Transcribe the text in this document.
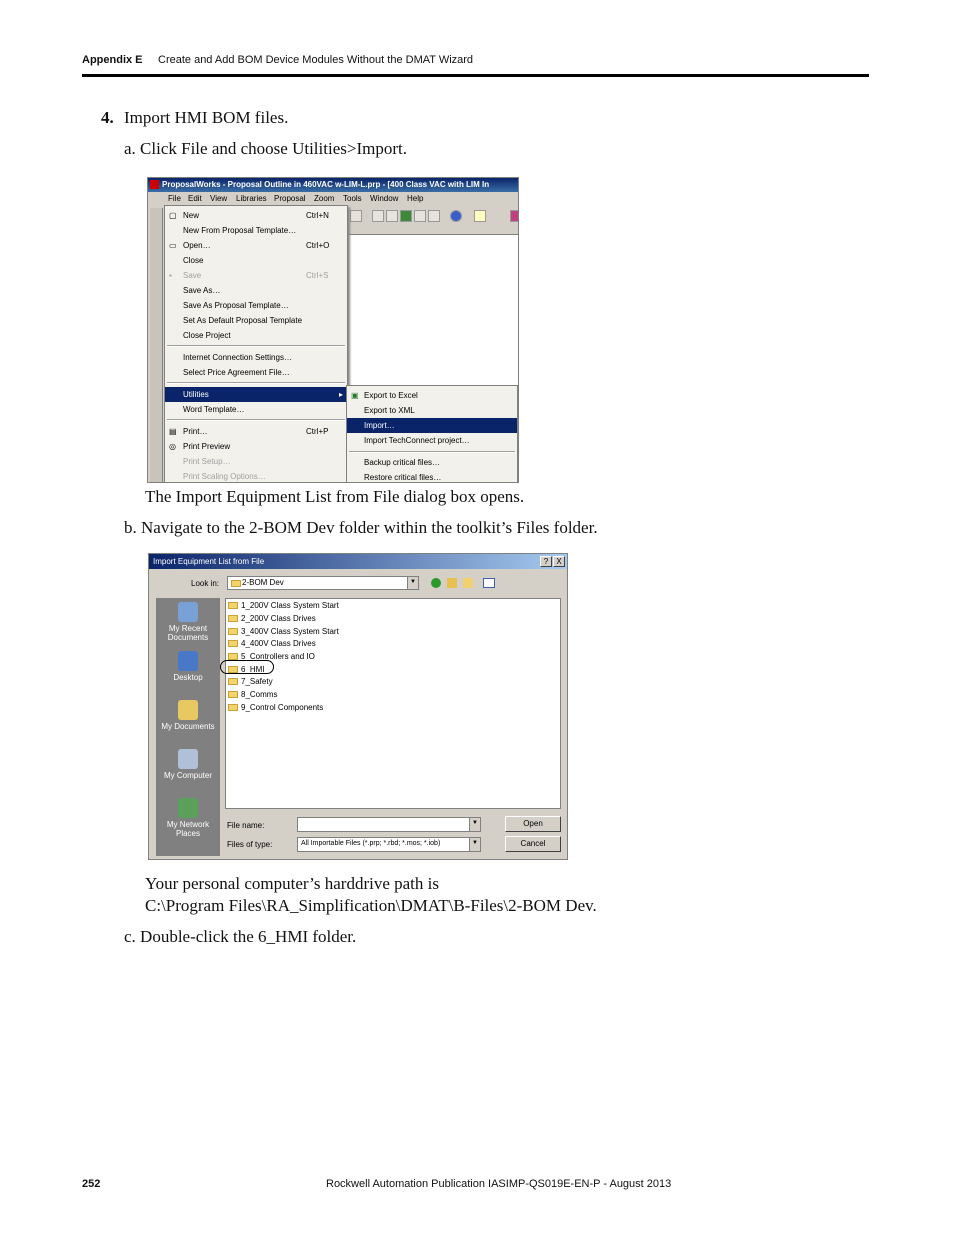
Appendix E Create and Add BOM Device Modules Without the DMAT Wizard
4. Import HMI BOM files.
a. Click File and choose Utilities>Import.
ProposalWorks - Proposal Outline in 460VAC w-LIM-L.prp - [400 Class VAC with LIM In
File Edit View Libraries Proposal Zoom Tools Window Help
▢ New	Ctrl+N
New From Proposal Template…
▭ Open…	Ctrl+O
Close
▪ Save	Ctrl+S
Save As…
Save As Proposal Template…
Set As Default Proposal Template
Close Project
Internet Connection Settings…
Select Price Agreement File…
Utilities	▸
Word Template…
▤ Print…	Ctrl+P
◎ Print Preview
Print Setup…
Print Scaling Options…
▣ Export to Excel
Export to XML
Import…
Import TechConnect project…
Backup critical files…
Restore critical files…
The Import Equipment List from File dialog box opens.
b. Navigate to the 2-BOM Dev folder within the toolkit’s Files folder.
Import Equipment List from File	?	X
Look in:	2-BOM Dev	▼
My Recent Documents
Desktop
My Documents
My Computer
My Network Places
1_200V Class System Start
2_200V Class Drives
3_400V Class System Start
4_400V Class Drives
5_Controllers and IO
6_HMI
7_Safety
8_Comms
9_Control Components
File name:	▼
Files of type:	All Importable Files (*.prp; *.rbd; *.mos; *.iob)	▼
Open
Cancel
Your personal computer’s harddrive path is
C:\Program Files\RA_Simplification\DMAT\B-Files\2-BOM Dev.
c. Double-click the 6_HMI folder.
252	Rockwell Automation Publication IASIMP-QS019E-EN-P - August 2013
